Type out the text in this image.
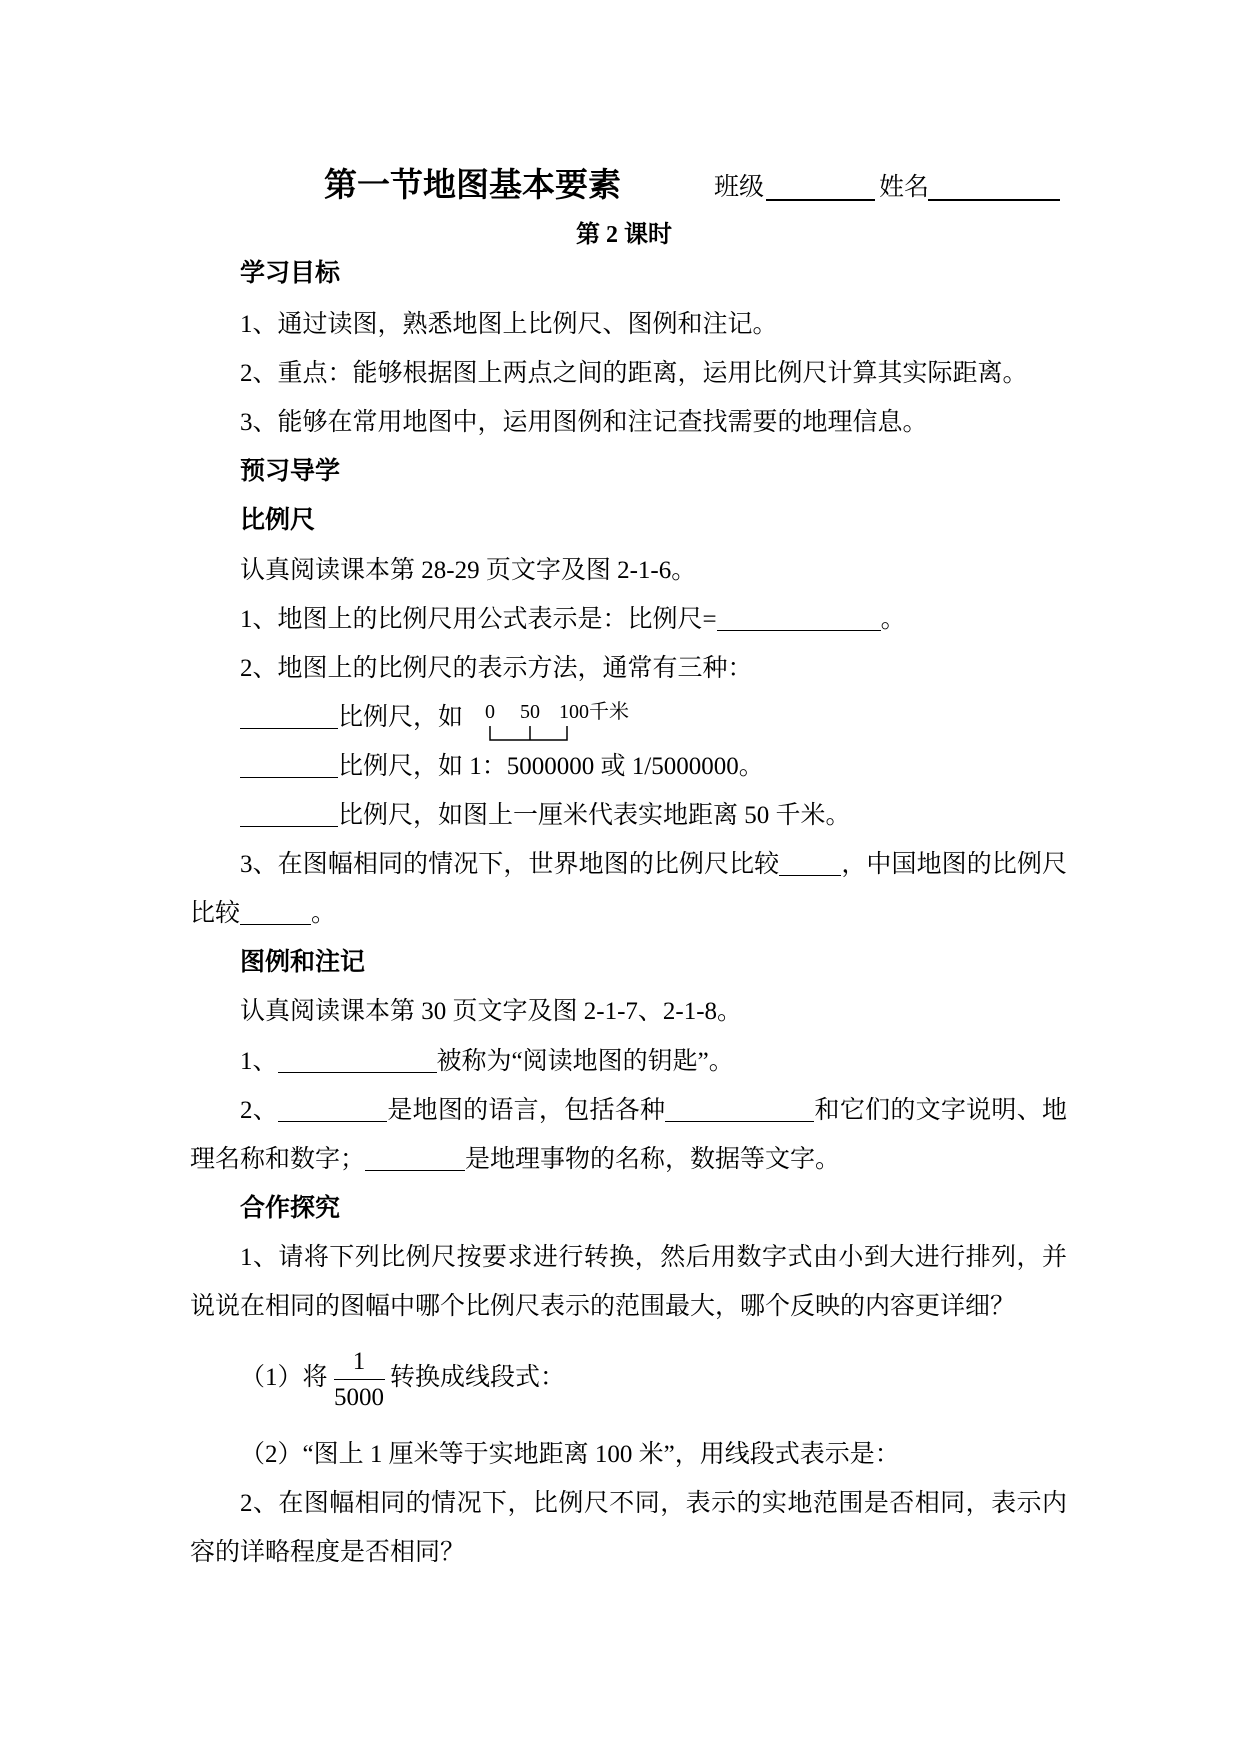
第一节地图基本要素	班级	姓名
第 2 课时
学习目标
1、通过读图，熟悉地图上比例尺、图例和注记。
2、重点：能够根据图上两点之间的距离，运用比例尺计算其实际距离。
3、能够在常用地图中，运用图例和注记查找需要的地理信息。
预习导学
比例尺
认真阅读课本第 28-29 页文字及图 2-1-6。
1、地图上的比例尺用公式表示是：比例尺=	。
2、地图上的比例尺的表示方法，通常有三种：
比例尺，如	0 50 100千米
比例尺，如 1：5000000 或 1/5000000。
比例尺，如图上一厘米代表实地距离 50 千米。
3、在图幅相同的情况下，世界地图的比例尺比较 ，中国地图的比例尺
比较	。
图例和注记
认真阅读课本第 30 页文字及图 2-1-7、2-1-8。
1、	被称为“阅读地图的钥匙”。
2、	是地图的语言，包括各种	和它们的文字说明、地
理名称和数字；	是地理事物的名称，数据等文字。
合作探究
1、请将下列比例尺按要求进行转换，然后用数字式由小到大进行排列，并
说说在相同的图幅中哪个比例尺表示的范围最大，哪个反映的内容更详细？
（1）将
1
5000
转换成线段式：
（2）“图上 1 厘米等于实地距离 100 米”，用线段式表示是：
2、在图幅相同的情况下，比例尺不同，表示的实地范围是否相同，表示内
容的详略程度是否相同？
